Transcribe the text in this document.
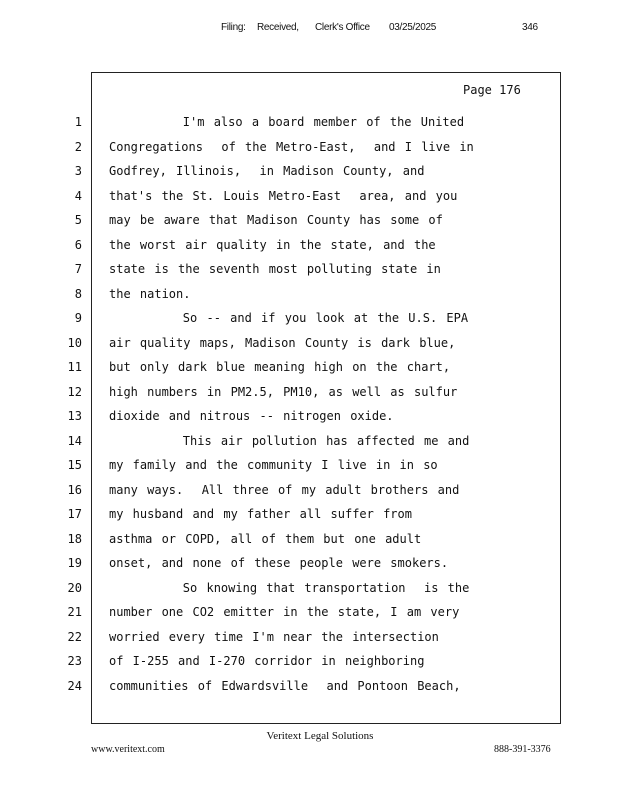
Filing: Received, Clerk's Office 03/25/2025	346
Page 176
1 I'm also a board member of the United
2 Congregations  of the Metro-East,  and I live in
3 Godfrey, Illinois,  in Madison County, and
4 that's the St. Louis Metro-East  area, and you
5 may be aware that Madison County has some of
6 the worst air quality in the state, and the
7 state is the seventh most polluting state in
8 the nation.
9 So -- and if you look at the U.S. EPA
10 air quality maps, Madison County is dark blue,
11 but only dark blue meaning high on the chart,
12 high numbers in PM2.5, PM10, as well as sulfur
13 dioxide and nitrous -- nitrogen oxide.
14 This air pollution has affected me and
15 my family and the community I live in in so
16 many ways.  All three of my adult brothers and
17 my husband and my father all suffer from
18 asthma or COPD, all of them but one adult
19 onset, and none of these people were smokers.
20 So knowing that transportation  is the
21 number one CO2 emitter in the state, I am very
22 worried every time I'm near the intersection
23 of I-255 and I-270 corridor in neighboring
24 communities of Edwardsville  and Pontoon Beach,
Veritext Legal Solutions
www.veritext.com	888-391-3376
